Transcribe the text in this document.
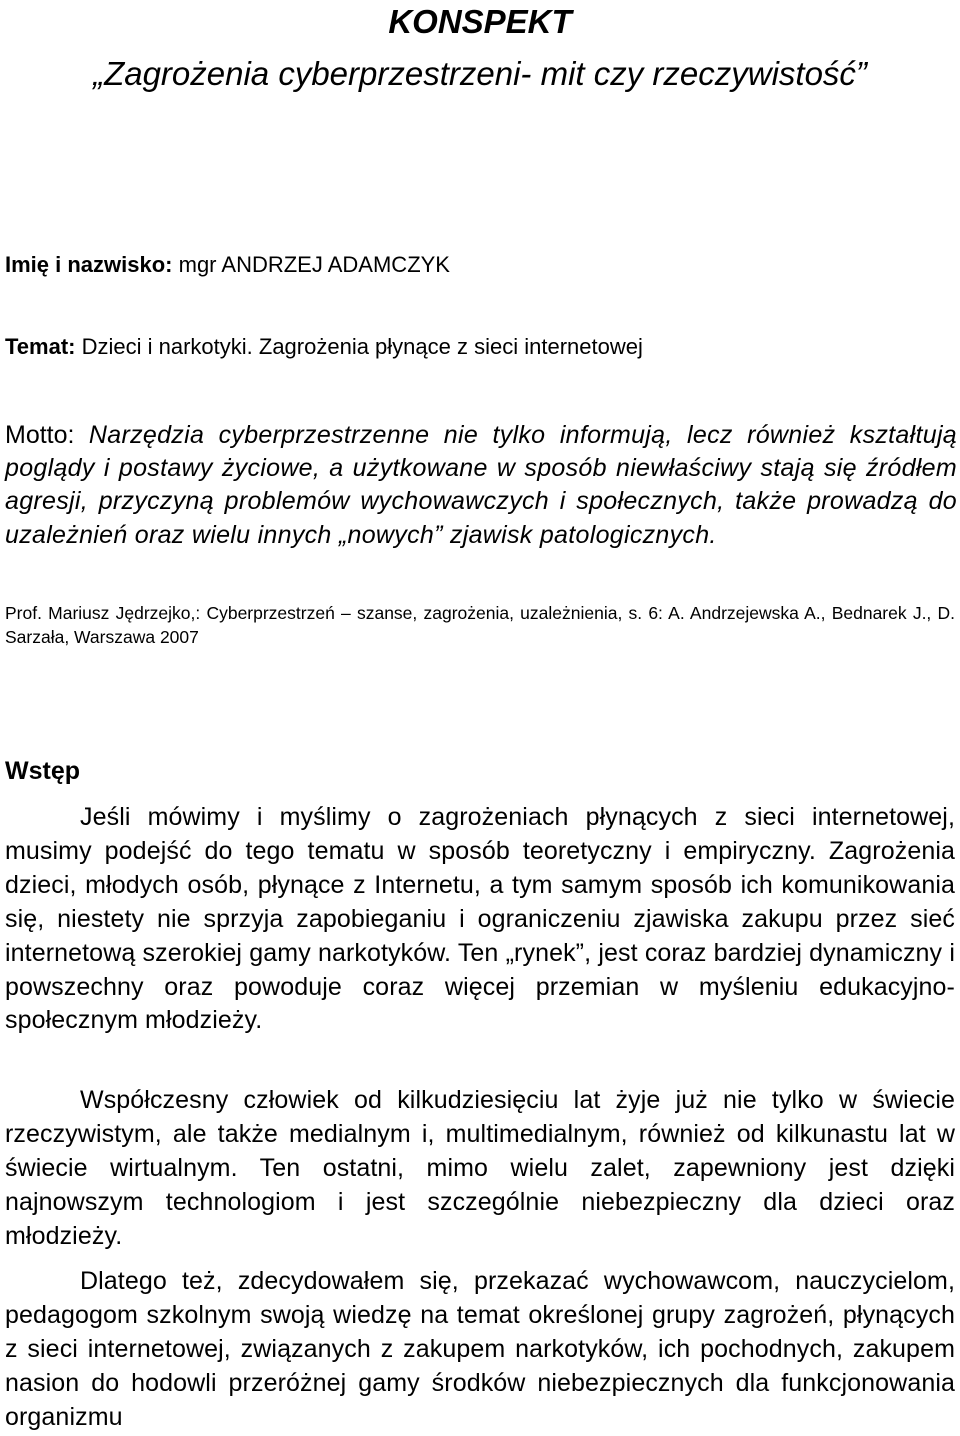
KONSPEKT
„Zagrożenia cyberprzestrzeni- mit czy rzeczywistość”
Imię i nazwisko: mgr ANDRZEJ ADAMCZYK
Temat: Dzieci i narkotyki. Zagrożenia płynące z sieci internetowej
Motto: Narzędzia cyberprzestrzenne nie tylko informują, lecz również kształtują poglądy i postawy życiowe, a użytkowane w sposób niewłaściwy stają się źródłem agresji, przyczyną problemów wychowawczych i społecznych, także prowadzą do uzależnień oraz wielu innych „nowych” zjawisk patologicznych.
Prof. Mariusz Jędrzejko,: Cyberprzestrzeń – szanse, zagrożenia, uzależnienia, s. 6: A. Andrzejewska A., Bednarek J., D. Sarzała, Warszawa 2007
Wstęp
Jeśli mówimy i myślimy o zagrożeniach płynących z sieci internetowej, musimy podejść do tego tematu w sposób teoretyczny i empiryczny. Zagrożenia dzieci, młodych osób, płynące z Internetu, a tym samym sposób ich komunikowania się, niestety nie sprzyja zapobieganiu i ograniczeniu zjawiska zakupu przez sieć internetową szerokiej gamy narkotyków. Ten „rynek”, jest coraz bardziej dynamiczny i powszechny oraz powoduje coraz więcej przemian w myśleniu edukacyjno-społecznym młodzieży.
Współczesny człowiek od kilkudziesięciu lat żyje już nie tylko w świecie rzeczywistym, ale także medialnym i, multimedialnym, również od kilkunastu lat w świecie wirtualnym. Ten ostatni, mimo wielu zalet, zapewniony jest dzięki najnowszym technologiom i jest szczególnie niebezpieczny dla dzieci oraz młodzieży.
Dlatego też, zdecydowałem się, przekazać wychowawcom, nauczycielom, pedagogom szkolnym swoją wiedzę na temat określonej grupy zagrożeń, płynących z sieci internetowej, związanych z zakupem narkotyków, ich pochodnych, zakupem nasion do hodowli przeróżnej gamy środków niebezpiecznych dla funkcjonowania organizmu
